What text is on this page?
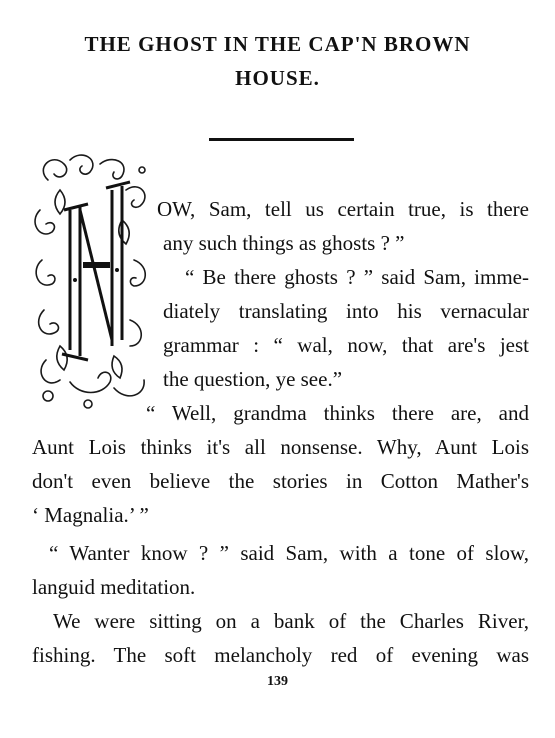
THE GHOST IN THE CAP'N BROWN
HOUSE.
OW, Sam, tell us certain true, is there
any such things as ghosts ? ”
“ Be there ghosts ? ” said Sam, imme-
diately translating into his vernacular
grammar : “ wal, now, that are's jest
the question, ye see.”
“ Well, grandma thinks there are, and
Aunt Lois thinks it's all nonsense. Why, Aunt Lois
don't even believe the stories in Cotton Mather's
‘ Magnalia.’ ”
“ Wanter know ? ” said Sam, with a tone of slow,
languid meditation.
We were sitting on a bank of the Charles River,
fishing. The soft melancholy red of evening was
139
